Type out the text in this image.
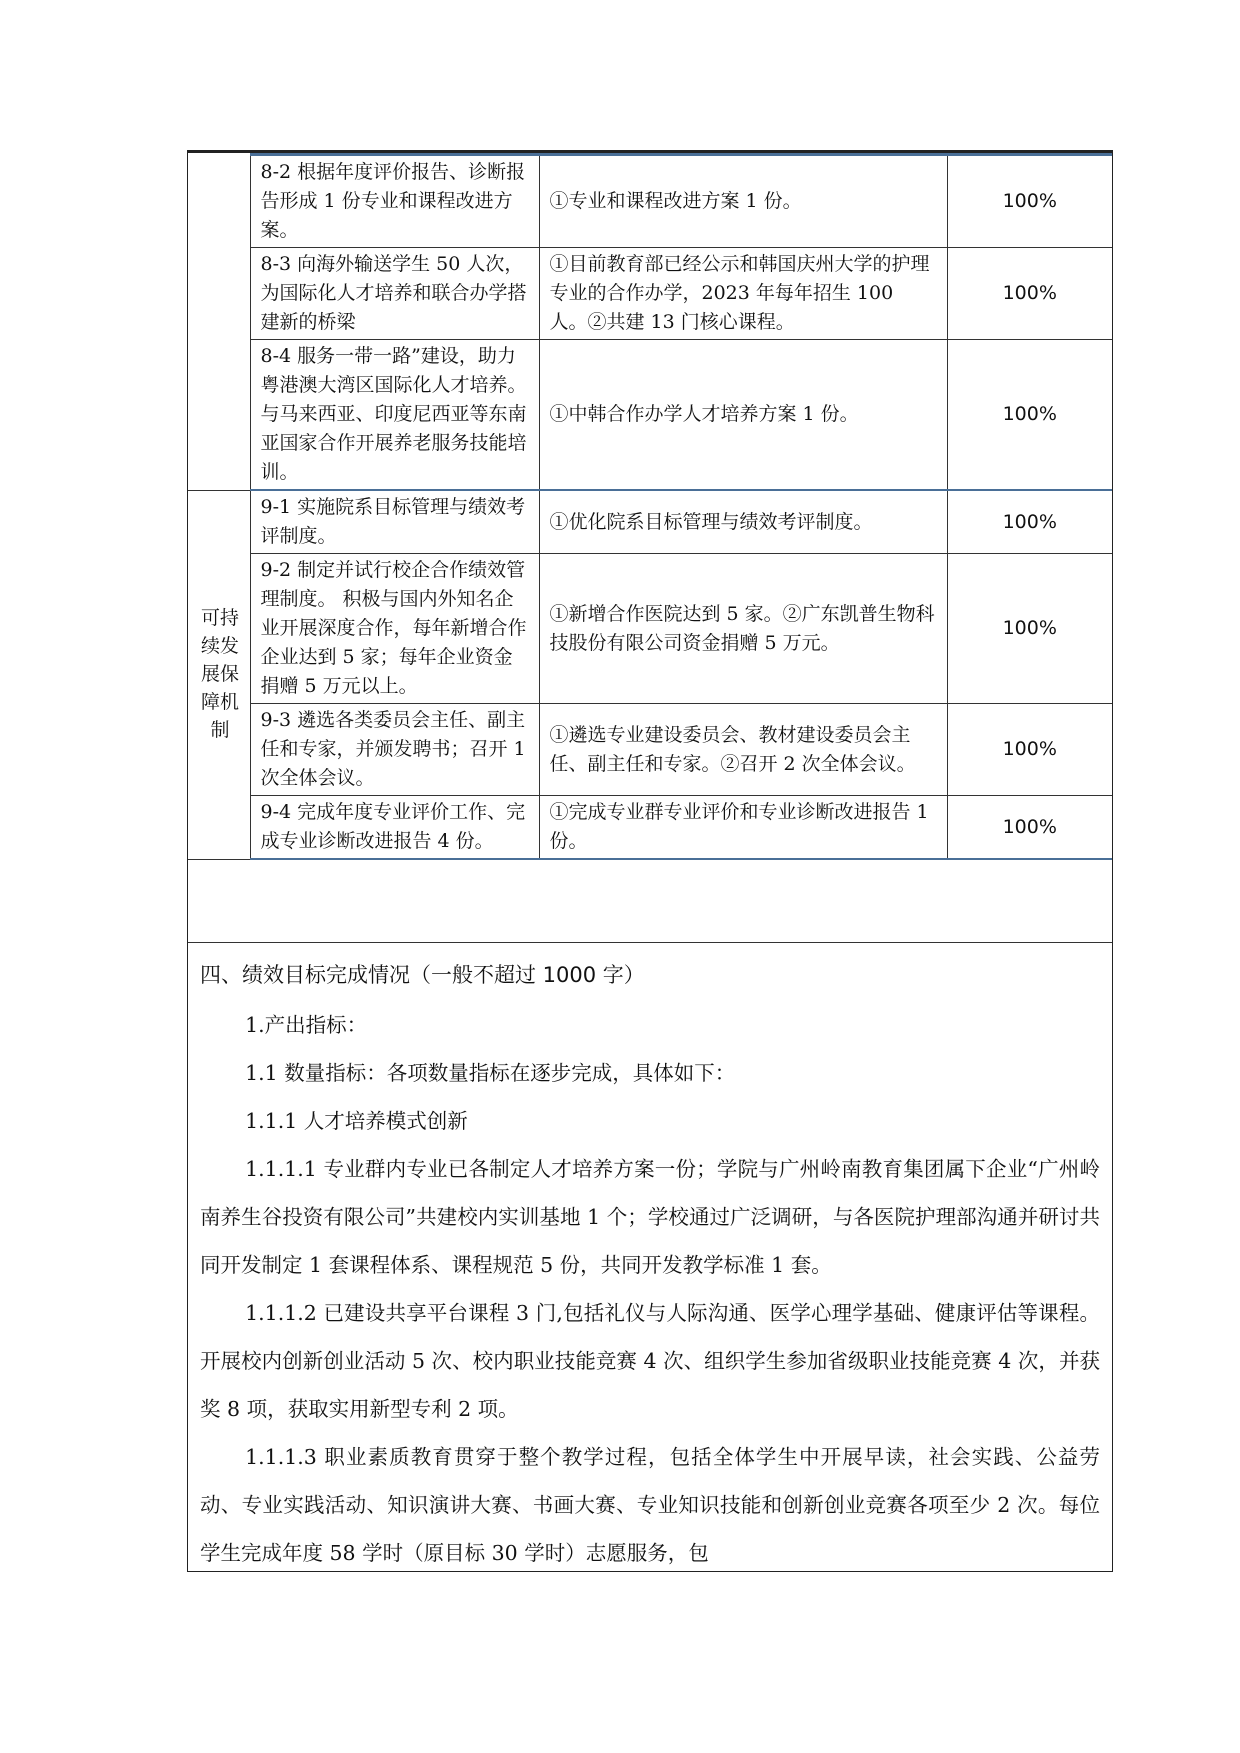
	8-2 根据年度评价报告、诊断报告形成 1 份专业和课程改进方案。	①专业和课程改进方案 1 份。	100%
	8-3 向海外输送学生 50 人次，为国际化人才培养和联合办学搭建新的桥梁	①目前教育部已经公示和韩国庆州大学的护理专业的合作办学，2023 年每年招生 100 人。②共建 13 门核心课程。	100%
	8-4 服务一带一路”建设，助力粤港澳大湾区国际化人才培养。与马来西亚、印度尼西亚等东南亚国家合作开展养老服务技能培训。	①中韩合作办学人才培养方案 1 份。	100%
可持续发展保障机制	9-1 实施院系目标管理与绩效考评制度。	①优化院系目标管理与绩效考评制度。	100%
	9-2 制定并试行校企合作绩效管理制度。 积极与国内外知名企业开展深度合作，每年新增合作企业达到 5 家；每年企业资金捐赠 5 万元以上。	①新增合作医院达到 5 家。②广东凯普生物科技股份有限公司资金捐赠 5 万元。	100%
	9-3 遴选各类委员会主任、副主任和专家，并颁发聘书；召开 1 次全体会议。	①遴选专业建设委员会、教材建设委员会主任、副主任和专家。②召开 2 次全体会议。	100%
	9-4 完成年度专业评价工作、完成专业诊断改进报告 4 份。	①完成专业群专业评价和专业诊断改进报告 1 份。	100%

四、绩效目标完成情况（一般不超过 1000 字）

1.产出指标：

1.1 数量指标：各项数量指标在逐步完成，具体如下：

1.1.1 人才培养模式创新

1.1.1.1 专业群内专业已各制定人才培养方案一份；学院与广州岭南教育集团属下企业“广州岭南养生谷投资有限公司”共建校内实训基地 1 个；学校通过广泛调研，与各医院护理部沟通并研讨共同开发制定 1 套课程体系、课程规范 5 份，共同开发教学标准 1 套。

1.1.1.2 已建设共享平台课程 3 门,包括礼仪与人际沟通、医学心理学基础、健康评估等课程。开展校内创新创业活动 5 次、校内职业技能竞赛 4 次、组织学生参加省级职业技能竞赛 4 次，并获奖 8 项，获取实用新型专利 2 项。

1.1.1.3 职业素质教育贯穿于整个教学过程，包括全体学生中开展早读，社会实践、公益劳动、专业实践活动、知识演讲大赛、书画大赛、专业知识技能和创新创业竞赛各项至少 2 次。每位学生完成年度 58 学时（原目标 30 学时）志愿服务，包
